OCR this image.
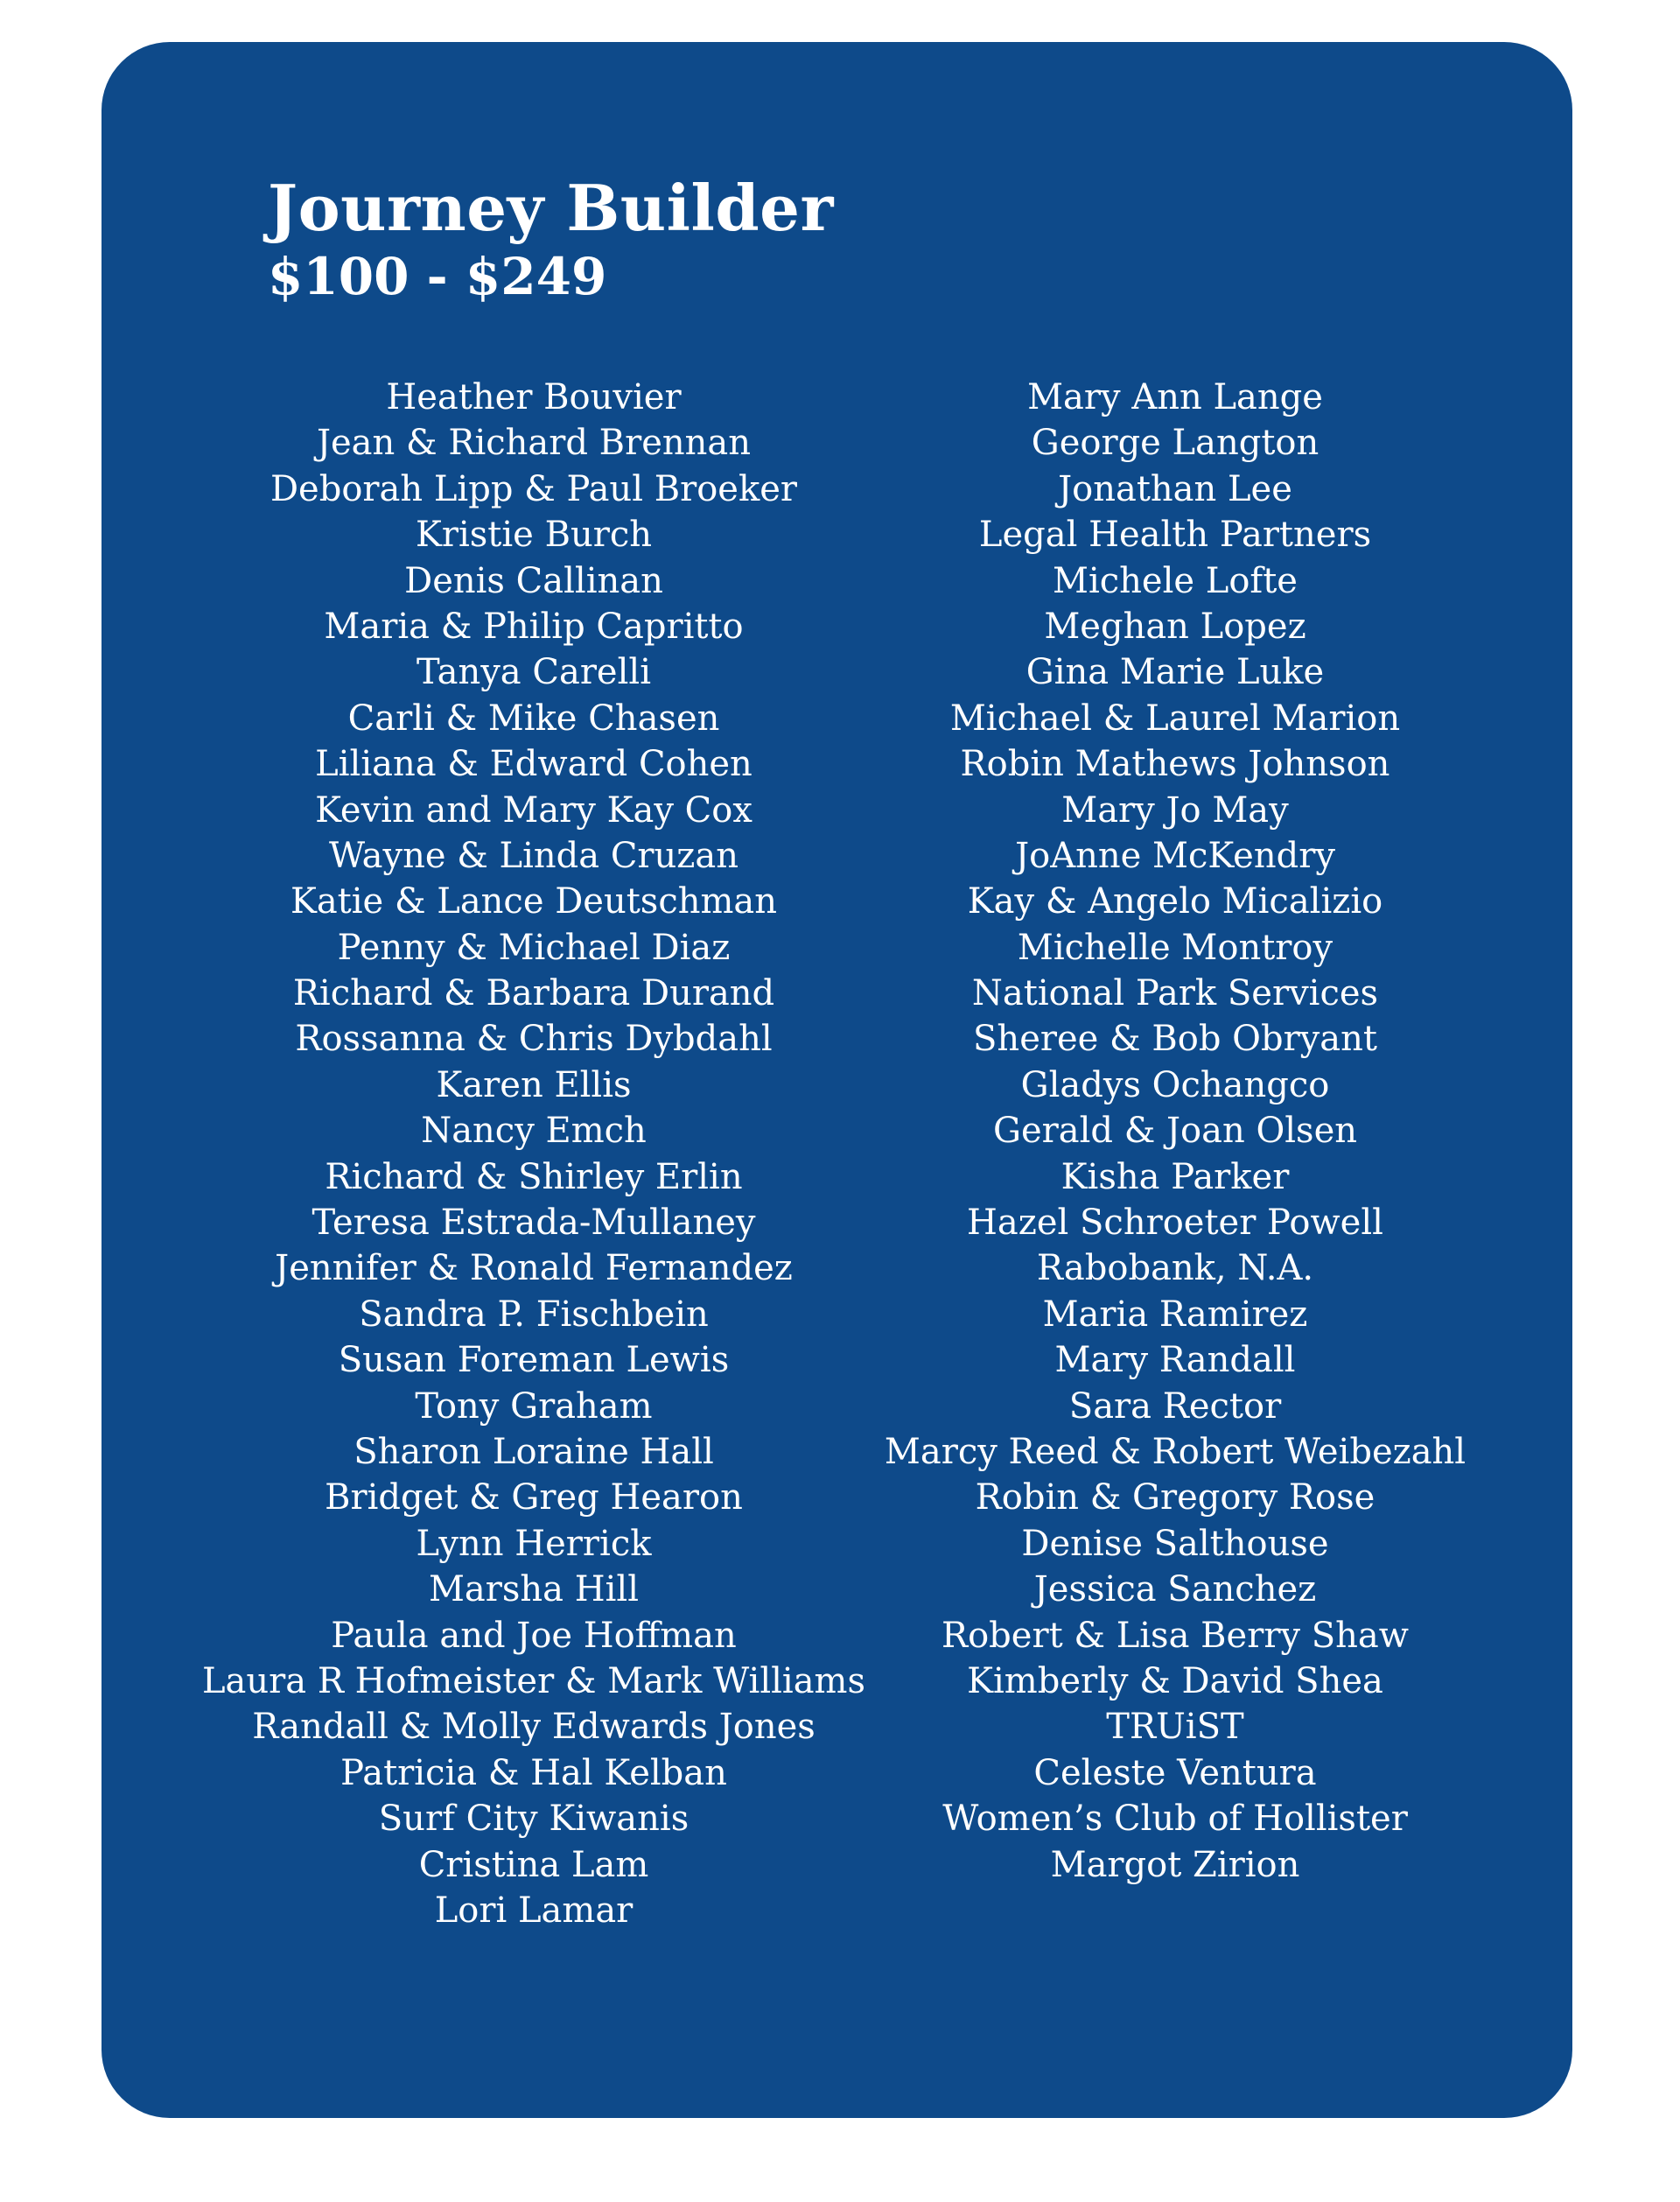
Journey Builder
$100 - $249
Heather Bouvier
Jean & Richard Brennan
Deborah Lipp & Paul Broeker
Kristie Burch
Denis Callinan
Maria & Philip Capritto
Tanya Carelli
Carli & Mike Chasen
Liliana & Edward Cohen
Kevin and Mary Kay Cox
Wayne & Linda Cruzan
Katie & Lance Deutschman
Penny & Michael Diaz
Richard & Barbara Durand
Rossanna & Chris Dybdahl
Karen Ellis
Nancy Emch
Richard & Shirley Erlin
Teresa Estrada-Mullaney
Jennifer & Ronald Fernandez
Sandra P. Fischbein
Susan Foreman Lewis
Tony Graham
Sharon Loraine Hall
Bridget & Greg Hearon
Lynn Herrick
Marsha Hill
Paula and Joe Hoffman
Laura R Hofmeister & Mark Williams
Randall & Molly Edwards Jones
Patricia & Hal Kelban
Surf City Kiwanis
Cristina Lam
Lori Lamar
Mary Ann Lange
George Langton
Jonathan Lee
Legal Health Partners
Michele Lofte
Meghan Lopez
Gina Marie Luke
Michael & Laurel Marion
Robin Mathews Johnson
Mary Jo May
JoAnne McKendry
Kay & Angelo Micalizio
Michelle Montroy
National Park Services
Sheree & Bob Obryant
Gladys Ochangco
Gerald & Joan Olsen
Kisha Parker
Hazel Schroeter Powell
Rabobank, N.A.
Maria Ramirez
Mary Randall
Sara Rector
Marcy Reed & Robert Weibezahl
Robin & Gregory Rose
Denise Salthouse
Jessica Sanchez
Robert & Lisa Berry Shaw
Kimberly & David Shea
TRUiST
Celeste Ventura
Women’s Club of Hollister
Margot Zirion
